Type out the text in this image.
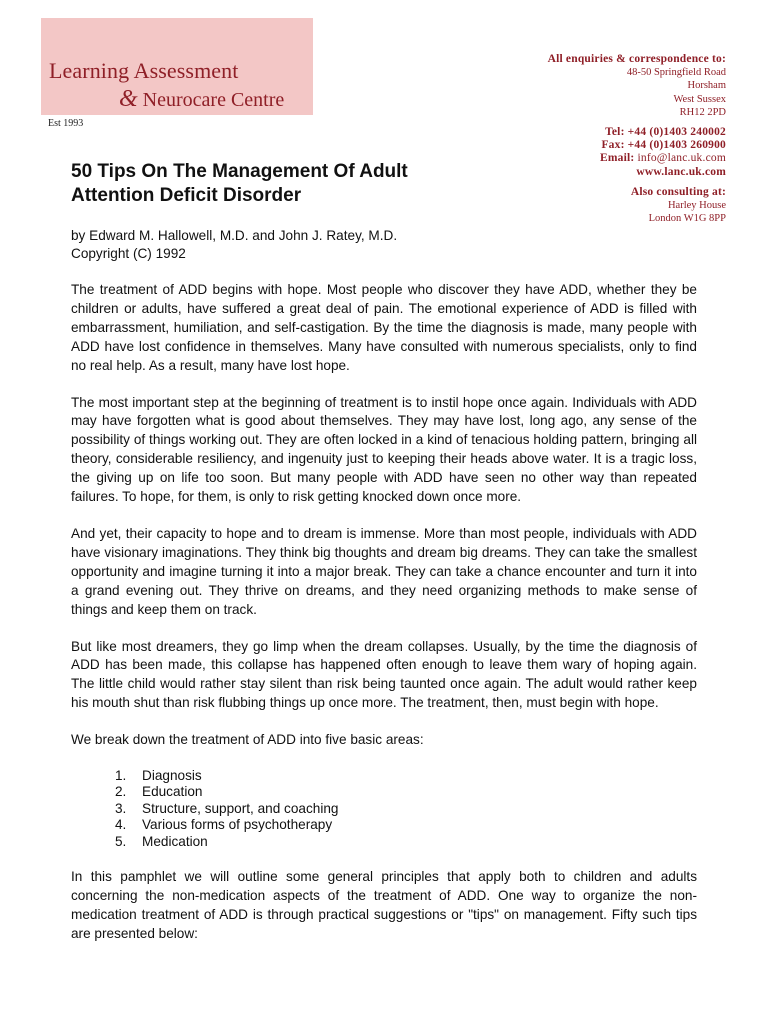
Learning Assessment
& Neurocare Centre
Est 1993
All enquiries & correspondence to:
48-50 Springfield Road
Horsham
West Sussex
RH12 2PD
Tel: +44 (0)1403 240002
Fax: +44 (0)1403 260900
Email: info@lanc.uk.com
www.lanc.uk.com
Also consulting at:
Harley House
London W1G 8PP
50 Tips On The Management Of Adult Attention Deficit Disorder
by Edward M. Hallowell, M.D. and John J. Ratey, M.D.
Copyright (C) 1992

The treatment of ADD begins with hope. Most people who discover they have ADD, whether they be children or adults, have suffered a great deal of pain. The emotional experience of ADD is filled with embarrassment, humiliation, and self-castigation. By the time the diagnosis is made, many people with ADD have lost confidence in themselves. Many have consulted with numerous specialists, only to find no real help. As a result, many have lost hope.

The most important step at the beginning of treatment is to instil hope once again. Individuals with ADD may have forgotten what is good about themselves. They may have lost, long ago, any sense of the possibility of things working out. They are often locked in a kind of tenacious holding pattern, bringing all theory, considerable resiliency, and ingenuity just to keeping their heads above water. It is a tragic loss, the giving up on life too soon. But many people with ADD have seen no other way than repeated failures. To hope, for them, is only to risk getting knocked down once more.

And yet, their capacity to hope and to dream is immense. More than most people, individuals with ADD have visionary imaginations. They think big thoughts and dream big dreams. They can take the smallest opportunity and imagine turning it into a major break. They can take a chance encounter and turn it into a grand evening out. They thrive on dreams, and they need organizing methods to make sense of things and keep them on track.

But like most dreamers, they go limp when the dream collapses. Usually, by the time the diagnosis of ADD has been made, this collapse has happened often enough to leave them wary of hoping again. The little child would rather stay silent than risk being taunted once again. The adult would rather keep his mouth shut than risk flubbing things up once more. The treatment, then, must begin with hope.

We break down the treatment of ADD into five basic areas:

1.	Diagnosis
2.	Education
3.	Structure, support, and coaching
4.	Various forms of psychotherapy
5.	Medication

In this pamphlet we will outline some general principles that apply both to children and adults concerning the non-medication aspects of the treatment of ADD. One way to organize the non-medication treatment of ADD is through practical suggestions or "tips" on management. Fifty such tips are presented below:
